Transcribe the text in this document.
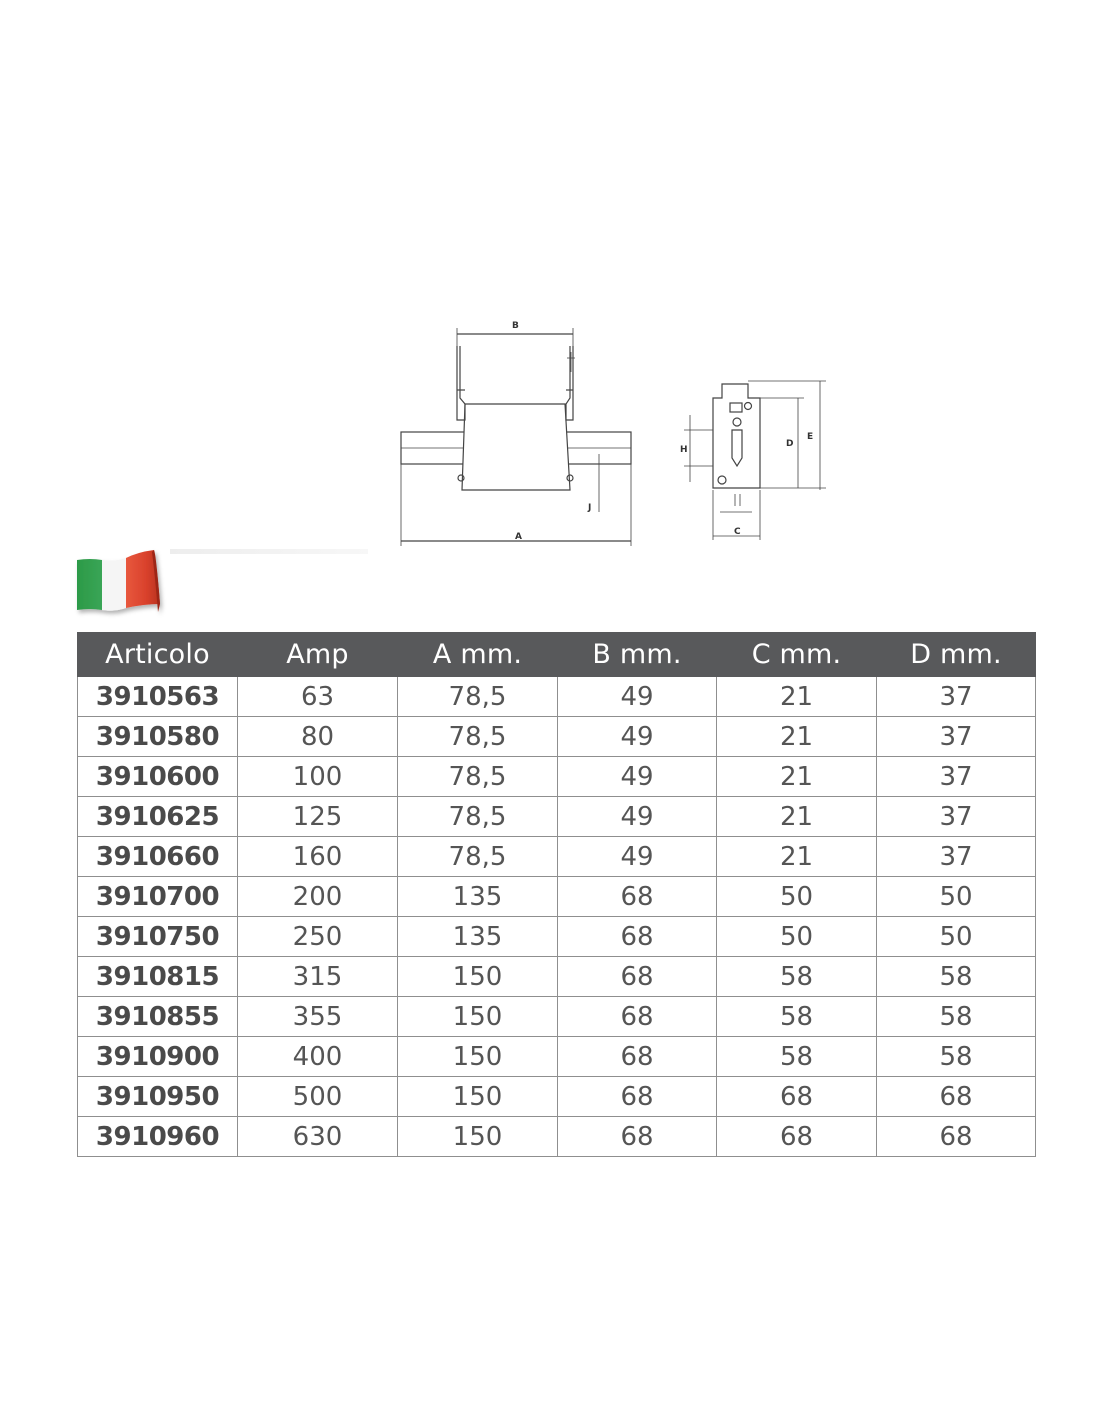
B
A
J
H
D
E
C
Articolo	Amp	A mm.	B mm.	C mm.	D mm.
3910563	63	78,5	49	21	37
3910580	80	78,5	49	21	37
3910600	100	78,5	49	21	37
3910625	125	78,5	49	21	37
3910660	160	78,5	49	21	37
3910700	200	135	68	50	50
3910750	250	135	68	50	50
3910815	315	150	68	58	58
3910855	355	150	68	58	58
3910900	400	150	68	58	58
3910950	500	150	68	68	68
3910960	630	150	68	68	68
